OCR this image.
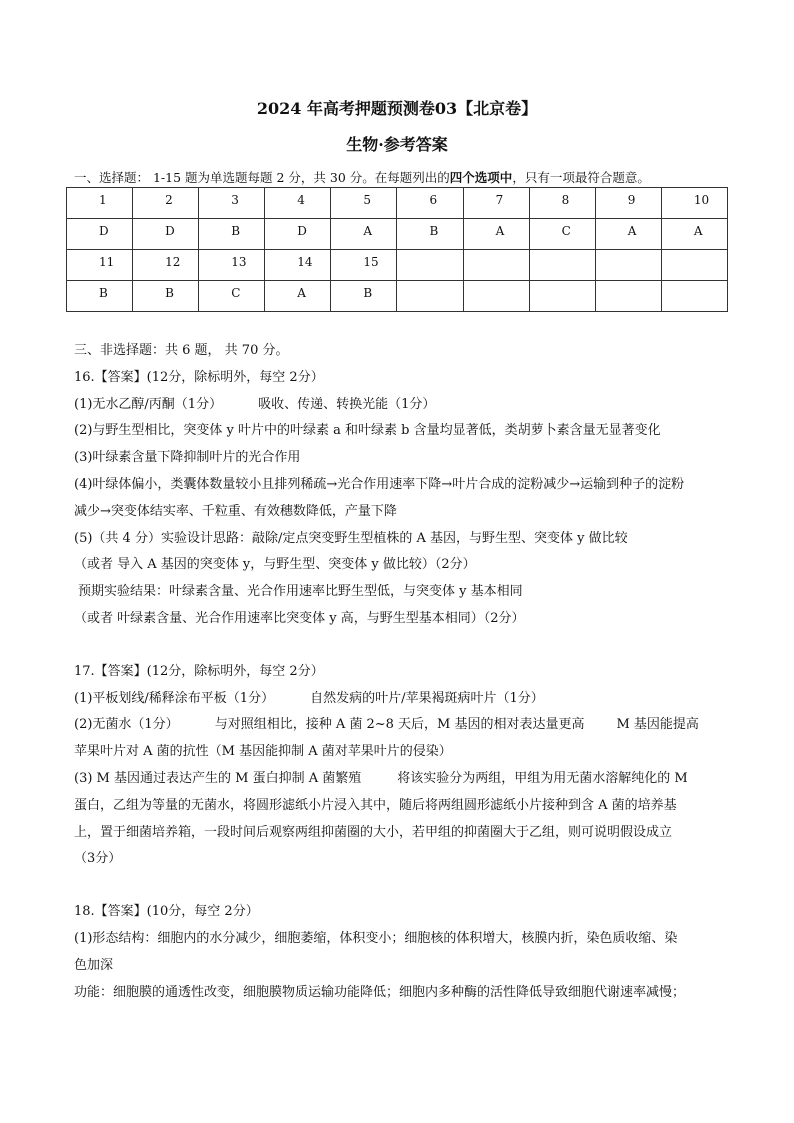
2024 年高考押题预测卷03【北京卷】
生物·参考答案
一、选择题： 1-15 题为单选题每题 2 分，共 30 分。在每题列出的四个选项中，只有一项最符合题意。
1	2	3	4	5	6	7	8	9	10

D	D	B	D	A	B	A	C	A	A

11	12	13	14	15					

B	B	C	A	B					

三、非选择题：共 6 题， 共 70 分。

16.【答案】(12分，除标明外，每空 2分）

(1)无水乙醇/丙酮（1分）	吸收、传递、转换光能（1分）

(2)与野生型相比，突变体 y 叶片中的叶绿素 a 和叶绿素 b 含量均显著低，类胡萝卜素含量无显著变化

(3)叶绿素含量下降抑制叶片的光合作用

(4)叶绿体偏小，类囊体数量较小且排列稀疏→光合作用速率下降→叶片合成的淀粉减少→运输到种子的淀粉

减少→突变体结实率、千粒重、有效穗数降低，产量下降

(5)（共 4 分）实验设计思路：敲除/定点突变野生型植株的 A 基因，与野生型、突变体 y 做比较

（或者 导入 A 基因的突变体 y，与野生型、突变体 y 做比较）（2分）

预期实验结果：叶绿素含量、光合作用速率比野生型低，与突变体 y 基本相同

（或者 叶绿素含量、光合作用速率比突变体 y 高，与野生型基本相同）（2分）

17.【答案】(12分，除标明外，每空 2分）

(1)平板划线/稀释涂布平板（1分）	自然发病的叶片/苹果褐斑病叶片（1分）

(2)无菌水（1分）	与对照组相比，接种 A 菌 2~8 天后，M 基因的相对表达量更高 M 基因能提高

苹果叶片对 A 菌的抗性（M 基因能抑制 A 菌对苹果叶片的侵染）

(3) M 基因通过表达产生的 M 蛋白抑制 A 菌繁殖	将该实验分为两组，甲组为用无菌水溶解纯化的 M

蛋白，乙组为等量的无菌水，将圆形滤纸小片浸入其中，随后将两组圆形滤纸小片接种到含 A 菌的培养基

上，置于细菌培养箱，一段时间后观察两组抑菌圈的大小，若甲组的抑菌圈大于乙组，则可说明假设成立

（3分）

18.【答案】(10分，每空 2分）

(1)形态结构：细胞内的水分减少，细胞萎缩，体积变小；细胞核的体积增大，核膜内折，染色质收缩、染

色加深

功能：细胞膜的通透性改变，细胞膜物质运输功能降低；细胞内多种酶的活性降低导致细胞代谢速率减慢；
